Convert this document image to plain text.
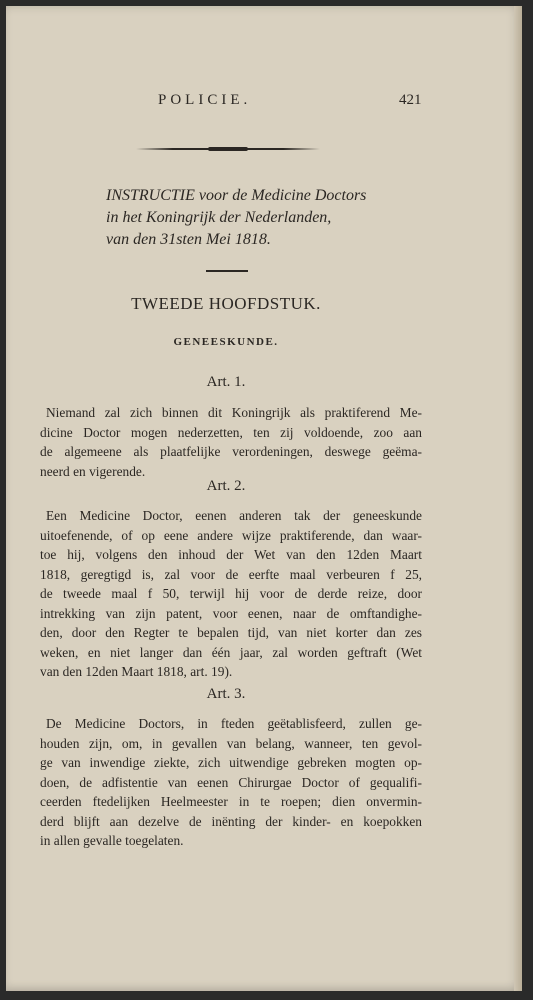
POLICIE.	421
INSTRUCTIE voor de Medicine Doctors
in het Koningrijk der Nederlanden,
van den 31sten Mei 1818.
TWEEDE HOOFDSTUK.
GENEESKUNDE.
Art. 1.
Niemand zal zich binnen dit Koningrijk als praktiferend Me-
dicine Doctor mogen nederzetten, ten zij voldoende, zoo aan
de algemeene als plaatfelijke verordeningen, deswege geëma-
neerd en vigerende.
Art. 2.
Een Medicine Doctor, eenen anderen tak der geneeskunde
uitoefenende, of op eene andere wijze praktiferende, dan waar-
toe hij, volgens den inhoud der Wet van den 12den Maart
1818, geregtigd is, zal voor de eerfte maal verbeuren f 25,
de tweede maal f 50, terwijl hij voor de derde reize, door
intrekking van zijn patent, voor eenen, naar de omftandighe-
den, door den Regter te bepalen tijd, van niet korter dan zes
weken, en niet langer dan één jaar, zal worden geftraft (Wet
van den 12den Maart 1818, art. 19).
Art. 3.
De Medicine Doctors, in fteden geëtablisfeerd, zullen ge-
houden zijn, om, in gevallen van belang, wanneer, ten gevol-
ge van inwendige ziekte, zich uitwendige gebreken mogten op-
doen, de adfistentie van eenen Chirurgae Doctor of gequalifi-
ceerden ftedelijken Heelmeester in te roepen; dien onvermin-
derd blijft aan dezelve de inënting der kinder- en koepokken
in allen gevalle toegelaten.
